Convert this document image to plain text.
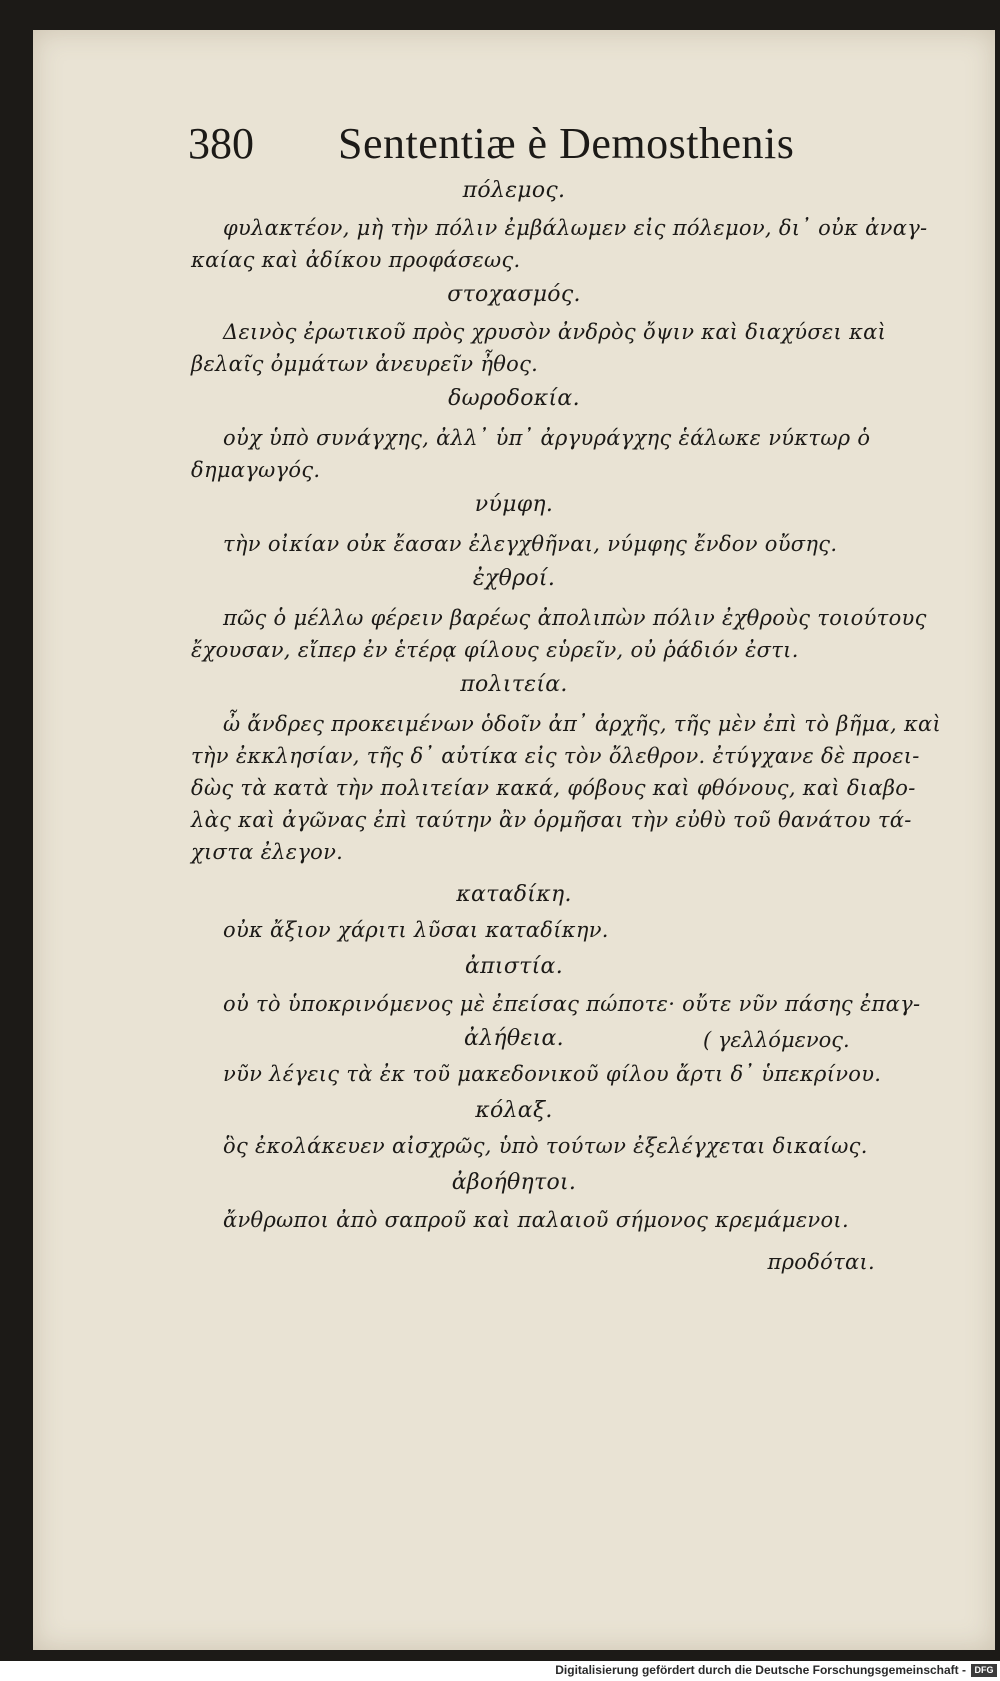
380 Sententiæ è Demosthenis
πόλεμος.
φυλακτέον, μὴ τὴν πόλιν ἐμβάλωμεν εἰς πόλεμον, δι᾽ οὐκ ἀναγ-
καίας καὶ ἀδίκου προφάσεως.
στοχασμός.
Δεινὸς ἐρωτικοῦ πρὸς χρυσὸν ἀνδρὸς ὄψιν καὶ διαχύσει καὶ
βελαῖς ὀμμάτων ἀνευρεῖν ἦθος.
δωροδοκία.
οὐχ ὑπὸ συνάγχης, ἀλλ᾽ ὑπ᾽ ἀργυράγχης ἑάλωκε νύκτωρ ὁ
δημαγωγός.
νύμφη.
τὴν οἰκίαν οὐκ ἔασαν ἐλεγχθῆναι, νύμφης ἔνδον οὔσης.
ἐχθροί.
πῶς ὁ μέλλω φέρειν βαρέως ἀπολιπὼν πόλιν ἐχθροὺς τοιούτους
ἔχουσαν, εἴπερ ἐν ἑτέρᾳ φίλους εὑρεῖν, οὐ ῥάδιόν ἐστι.
πολιτεία.
ὦ ἄνδρες προκειμένων ὁδοῖν ἀπ᾽ ἀρχῆς, τῆς μὲν ἐπὶ τὸ βῆμα, καὶ
τὴν ἐκκλησίαν, τῆς δ᾽ αὐτίκα εἰς τὸν ὄλεθρον. ἐτύγχανε δὲ προει-
δὼς τὰ κατὰ τὴν πολιτείαν κακά, φόβους καὶ φθόνους, καὶ διαβο-
λὰς καὶ ἀγῶνας ἐπὶ ταύτην ἂν ὁρμῆσαι τὴν εὐθὺ τοῦ θανάτου τά-
χιστα ἐλεγον.
καταδίκη.
οὐκ ἄξιον χάριτι λῦσαι καταδίκην.
ἀπιστία.
οὐ τὸ ὑποκρινόμενος μὲ ἐπείσας πώποτε· οὔτε νῦν πάσης ἐπαγ-
ἀλήθεια.	( γελλόμενος.
νῦν λέγεις τὰ ἐκ τοῦ μακεδονικοῦ φίλου ἄρτι δ᾽ ὑπεκρίνου.
κόλαξ.
ὃς ἐκολάκευεν αἰσχρῶς, ὑπὸ τούτων ἐξελέγχεται δικαίως.
ἀβοήθητοι.
ἄνθρωποι ἀπὸ σαπροῦ καὶ παλαιοῦ σήμονος κρεμάμενοι.
προδόται.
Digitalisierung gefördert durch die Deutsche Forschungsgemeinschaft - DFG
